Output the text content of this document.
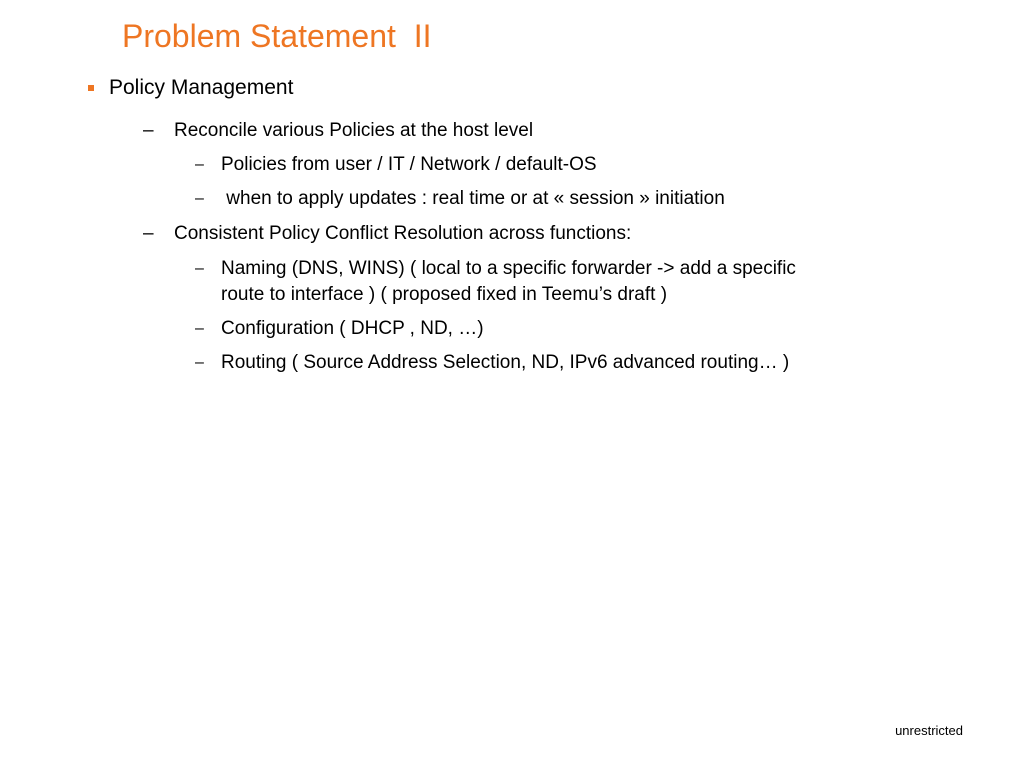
Problem Statement  II
Policy Management
– Reconcile various Policies at the host level
– Policies from user / IT / Network / default-OS
– when to apply updates : real time or at « session » initiation
– Consistent Policy Conflict Resolution across functions:
– Naming (DNS, WINS) ( local to a specific forwarder -> add a specific
route to interface ) ( proposed fixed in Teemu’s draft )
– Configuration ( DHCP , ND, …)
– Routing ( Source Address Selection, ND, IPv6 advanced routing… )
unrestricted
